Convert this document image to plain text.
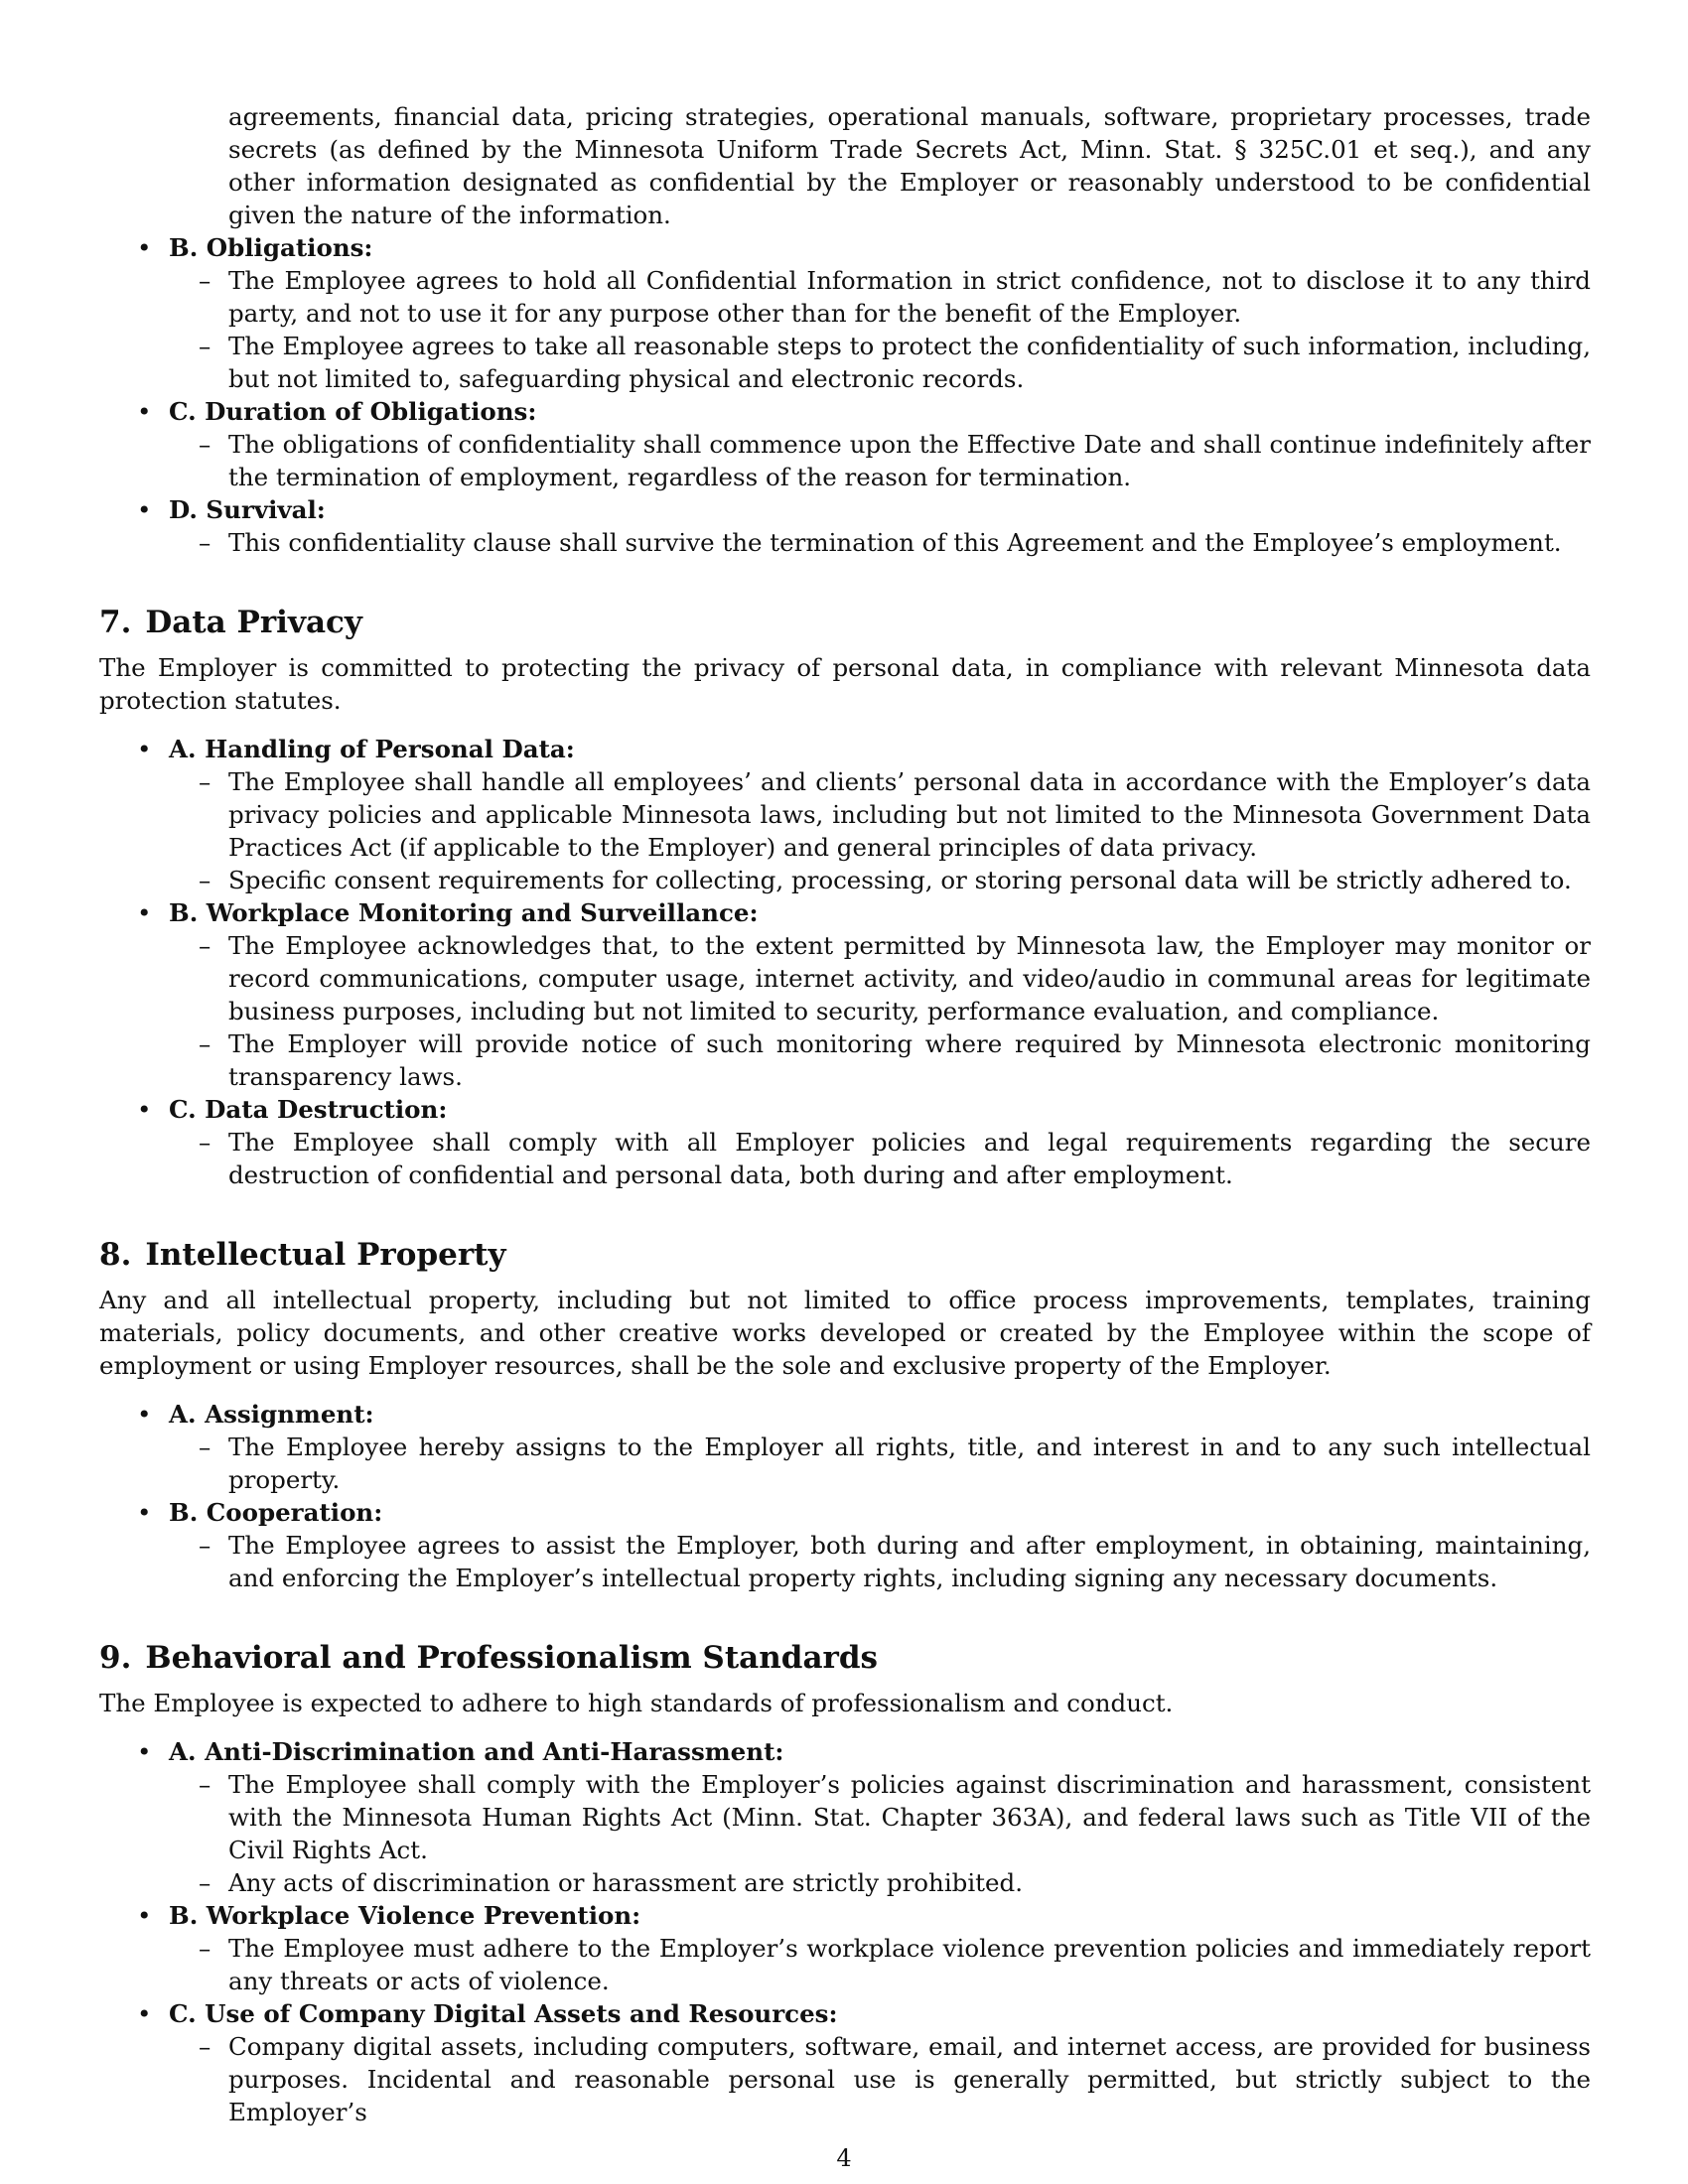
agreements, financial data, pricing strategies, operational manuals, software, proprietary processes, trade secrets (as defined by the Minnesota Uniform Trade Secrets Act, Minn. Stat. § 325C.01 et seq.), and any other information designated as confidential by the Employer or reasonably understood to be confidential given the nature of the information.

• B. Obligations:
– The Employee agrees to hold all Confidential Information in strict confidence, not to disclose it to any third party, and not to use it for any purpose other than for the benefit of the Employer.
– The Employee agrees to take all reasonable steps to protect the confidentiality of such information, including, but not limited to, safeguarding physical and electronic records.
• C. Duration of Obligations:
– The obligations of confidentiality shall commence upon the Effective Date and shall continue indefinitely after the termination of employment, regardless of the reason for termination.
• D. Survival:
– This confidentiality clause shall survive the termination of this Agreement and the Employee’s employment.
7. Data Privacy

The Employer is committed to protecting the privacy of personal data, in compliance with relevant Minnesota data protection statutes.

• A. Handling of Personal Data:
– The Employee shall handle all employees’ and clients’ personal data in accordance with the Employer’s data privacy policies and applicable Minnesota laws, including but not limited to the Minnesota Government Data Practices Act (if applicable to the Employer) and general principles of data privacy.
– Specific consent requirements for collecting, processing, or storing personal data will be strictly adhered to.
• B. Workplace Monitoring and Surveillance:
– The Employee acknowledges that, to the extent permitted by Minnesota law, the Employer may monitor or record communications, computer usage, internet activity, and video/audio in communal areas for legitimate business purposes, including but not limited to security, performance evaluation, and compliance.
– The Employer will provide notice of such monitoring where required by Minnesota electronic monitoring transparency laws.
• C. Data Destruction:
– The Employee shall comply with all Employer policies and legal requirements regarding the secure destruction of confidential and personal data, both during and after employment.
8. Intellectual Property

Any and all intellectual property, including but not limited to office process improvements, templates, training materials, policy documents, and other creative works developed or created by the Employee within the scope of employment or using Employer resources, shall be the sole and exclusive property of the Employer.

• A. Assignment:
– The Employee hereby assigns to the Employer all rights, title, and interest in and to any such intellectual property.
• B. Cooperation:
– The Employee agrees to assist the Employer, both during and after employment, in obtaining, maintaining, and enforcing the Employer’s intellectual property rights, including signing any necessary documents.
9. Behavioral and Professionalism Standards

The Employee is expected to adhere to high standards of professionalism and conduct.

• A. Anti-Discrimination and Anti-Harassment:
– The Employee shall comply with the Employer’s policies against discrimination and harassment, consistent with the Minnesota Human Rights Act (Minn. Stat. Chapter 363A), and federal laws such as Title VII of the Civil Rights Act.
– Any acts of discrimination or harassment are strictly prohibited.
• B. Workplace Violence Prevention:
– The Employee must adhere to the Employer’s workplace violence prevention policies and immediately report any threats or acts of violence.
• C. Use of Company Digital Assets and Resources:
– Company digital assets, including computers, software, email, and internet access, are provided for business purposes. Incidental and reasonable personal use is generally permitted, but strictly subject to the Employer’s
4
